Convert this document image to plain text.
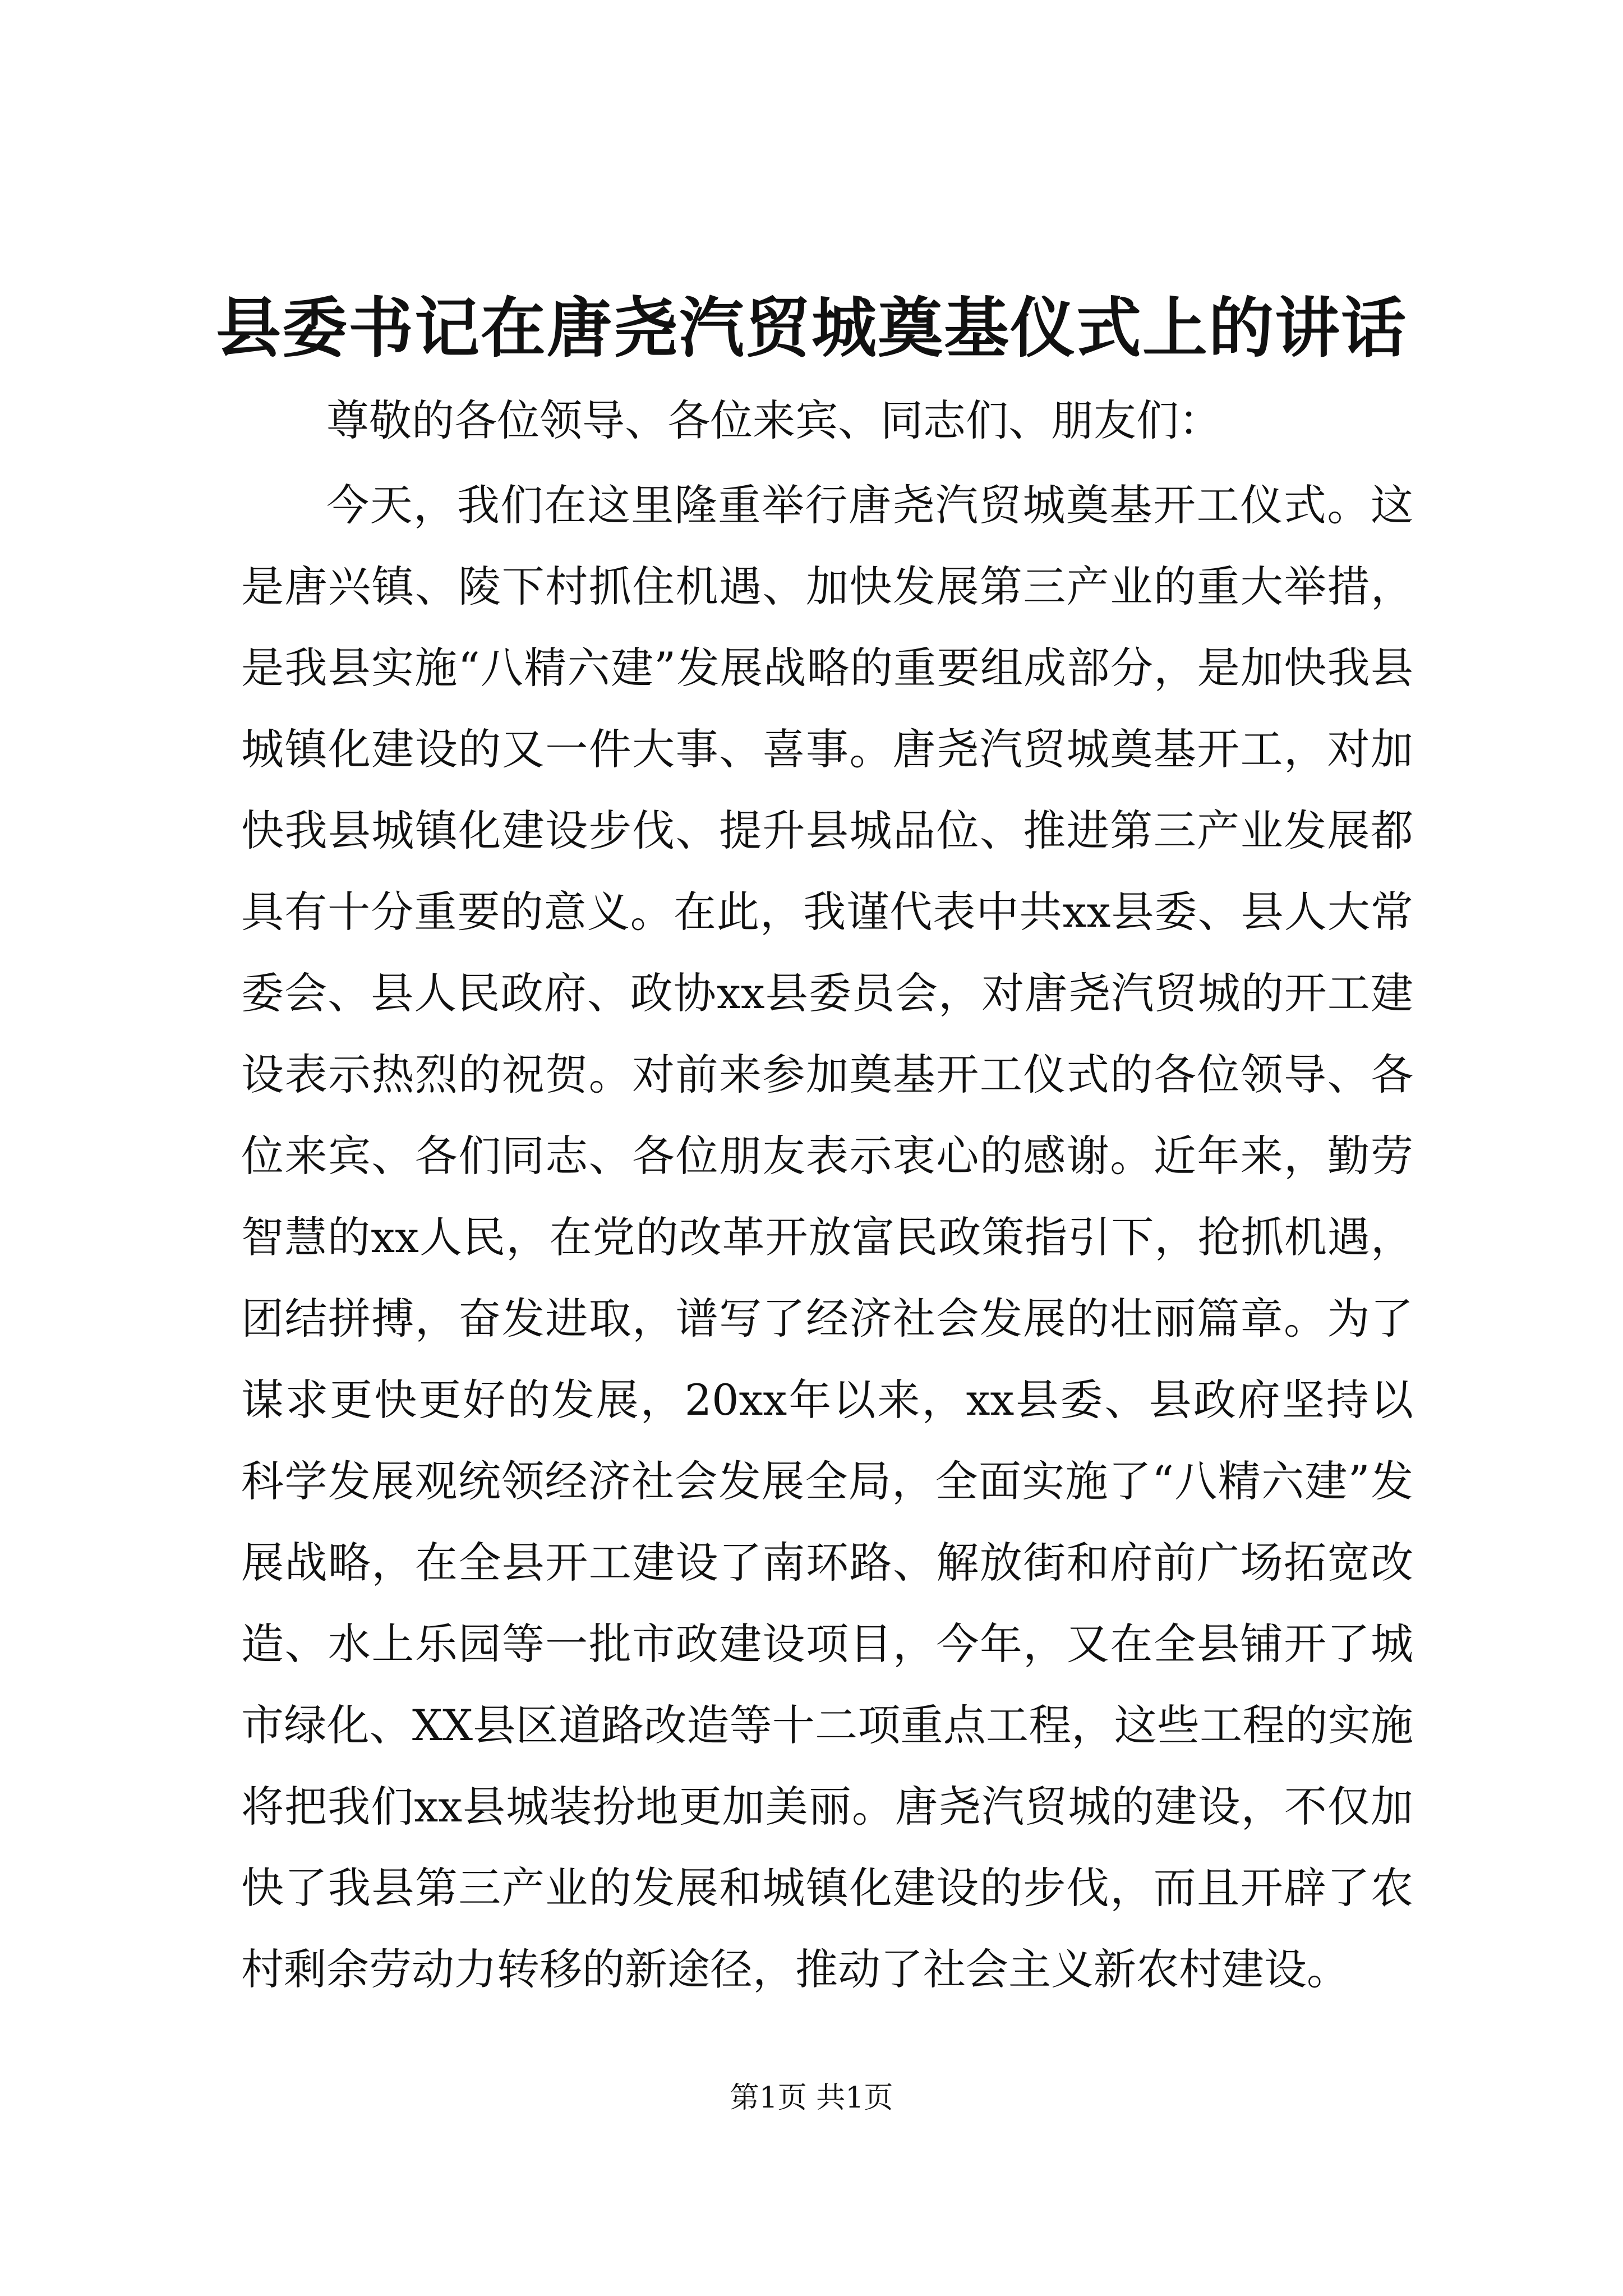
县委书记在唐尧汽贸城奠基仪式上的讲话

尊敬的各位领导、各位来宾、同志们、朋友们：

今天，我们在这里隆重举行唐尧汽贸城奠基开工仪式。这是唐兴镇、陵下村抓住机遇、加快发展第三产业的重大举措，是我县实施“八精六建”发展战略的重要组成部分，是加快我县城镇化建设的又一件大事、喜事。唐尧汽贸城奠基开工，对加快我县城镇化建设步伐、提升县城品位、推进第三产业发展都具有十分重要的意义。在此，我谨代表中共xx县委、县人大常委会、县人民政府、政协xx县委员会，对唐尧汽贸城的开工建设表示热烈的祝贺。对前来参加奠基开工仪式的各位领导、各位来宾、各们同志、各位朋友表示衷心的感谢。近年来，勤劳智慧的xx人民，在党的改革开放富民政策指引下，抢抓机遇，团结拼搏，奋发进取，谱写了经济社会发展的壮丽篇章。为了谋求更快更好的发展，20xx年以来，xx县委、县政府坚持以科学发展观统领经济社会发展全局，全面实施了“八精六建”发展战略，在全县开工建设了南环路、解放街和府前广场拓宽改造、水上乐园等一批市政建设项目，今年，又在全县铺开了城市绿化、XX县区道路改造等十二项重点工程，这些工程的实施将把我们xx县城装扮地更加美丽。唐尧汽贸城的建设，不仅加快了我县第三产业的发展和城镇化建设的步伐，而且开辟了农村剩余劳动力转移的新途径，推动了社会主义新农村建设。

第1页 共1页
